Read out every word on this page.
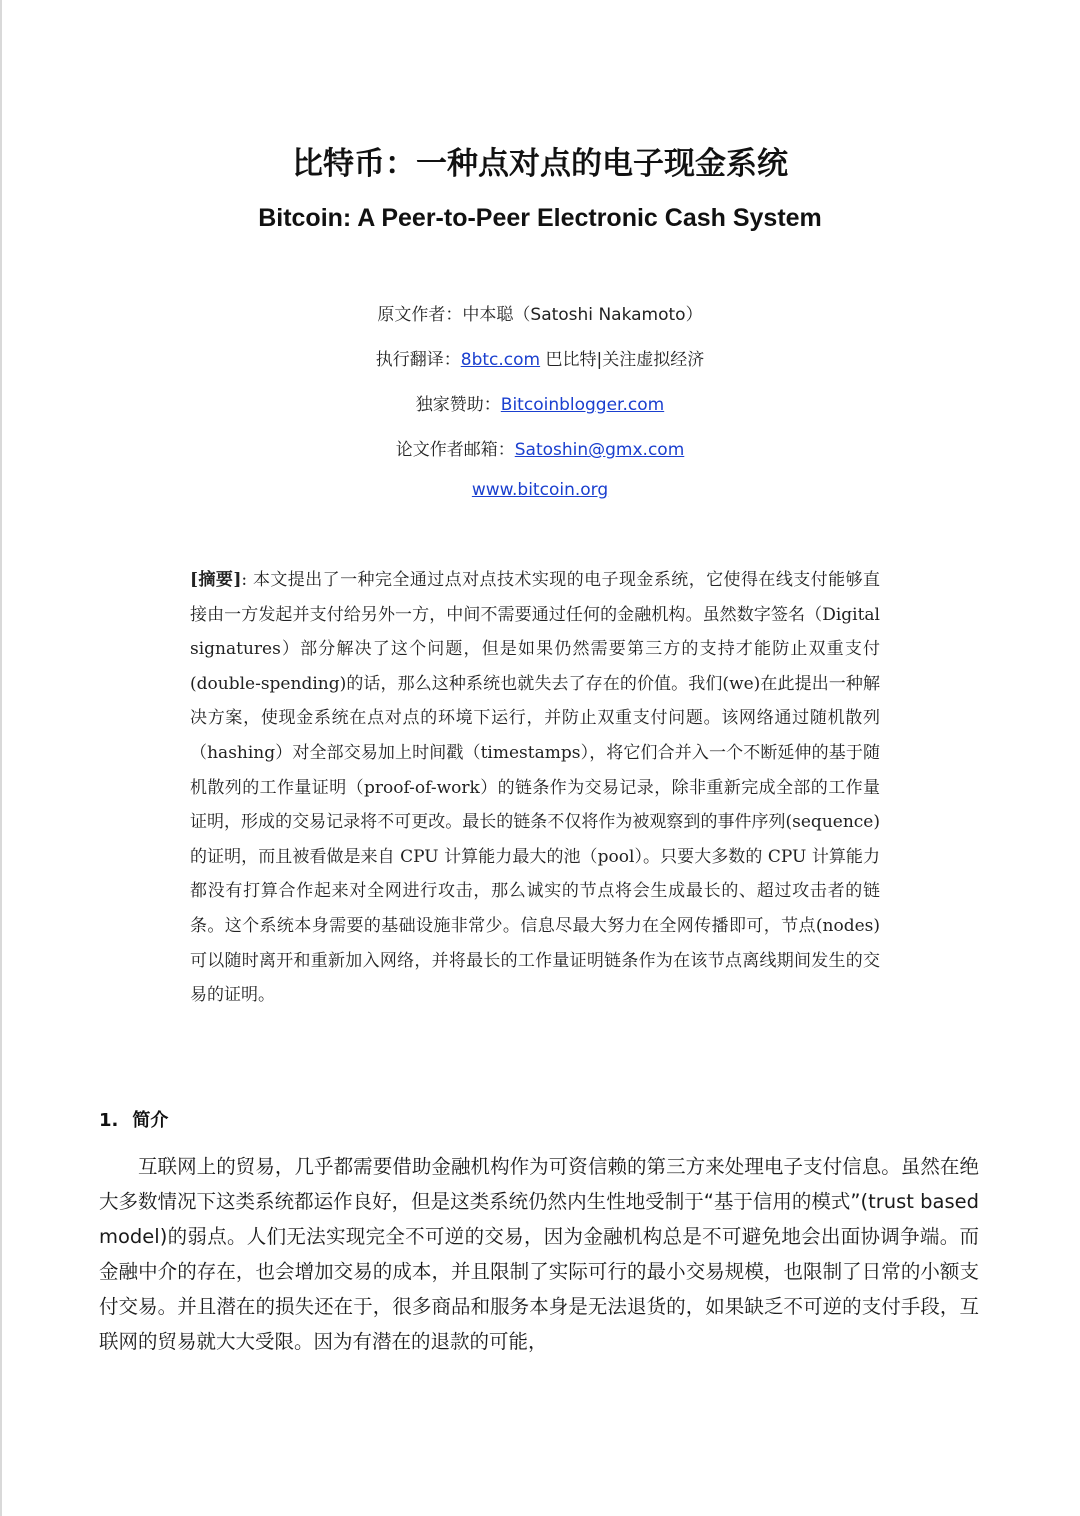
比特币：一种点对点的电子现金系统
Bitcoin: A Peer-to-Peer Electronic Cash System
原文作者：中本聪（Satoshi Nakamoto）
执行翻译：8btc.com 巴比特|关注虚拟经济
独家赞助：Bitcoinblogger.com
论文作者邮箱：Satoshin@gmx.com
www.bitcoin.org
[摘要]: 本文提出了一种完全通过点对点技术实现的电子现金系统，它使得在线支付能够直接由一方发起并支付给另外一方，中间不需要通过任何的金融机构。虽然数字签名（Digital signatures）部分解决了这个问题，但是如果仍然需要第三方的支持才能防止双重支付(double-spending)的话，那么这种系统也就失去了存在的价值。我们(we)在此提出一种解决方案，使现金系统在点对点的环境下运行，并防止双重支付问题。该网络通过随机散列（hashing）对全部交易加上时间戳（timestamps），将它们合并入一个不断延伸的基于随机散列的工作量证明（proof-of-work）的链条作为交易记录，除非重新完成全部的工作量证明，形成的交易记录将不可更改。最长的链条不仅将作为被观察到的事件序列(sequence)的证明，而且被看做是来自 CPU 计算能力最大的池（pool）。只要大多数的 CPU 计算能力都没有打算合作起来对全网进行攻击，那么诚实的节点将会生成最长的、超过攻击者的链条。这个系统本身需要的基础设施非常少。信息尽最大努力在全网传播即可，节点(nodes)可以随时离开和重新加入网络，并将最长的工作量证明链条作为在该节点离线期间发生的交易的证明。
1. 简介
互联网上的贸易，几乎都需要借助金融机构作为可资信赖的第三方来处理电子支付信息。虽然在绝大多数情况下这类系统都运作良好，但是这类系统仍然内生性地受制于“基于信用的模式”(trust based model)的弱点。人们无法实现完全不可逆的交易，因为金融机构总是不可避免地会出面协调争端。而金融中介的存在，也会增加交易的成本，并且限制了实际可行的最小交易规模，也限制了日常的小额支付交易。并且潜在的损失还在于，很多商品和服务本身是无法退货的，如果缺乏不可逆的支付手段，互联网的贸易就大大受限。因为有潜在的退款的可能，
